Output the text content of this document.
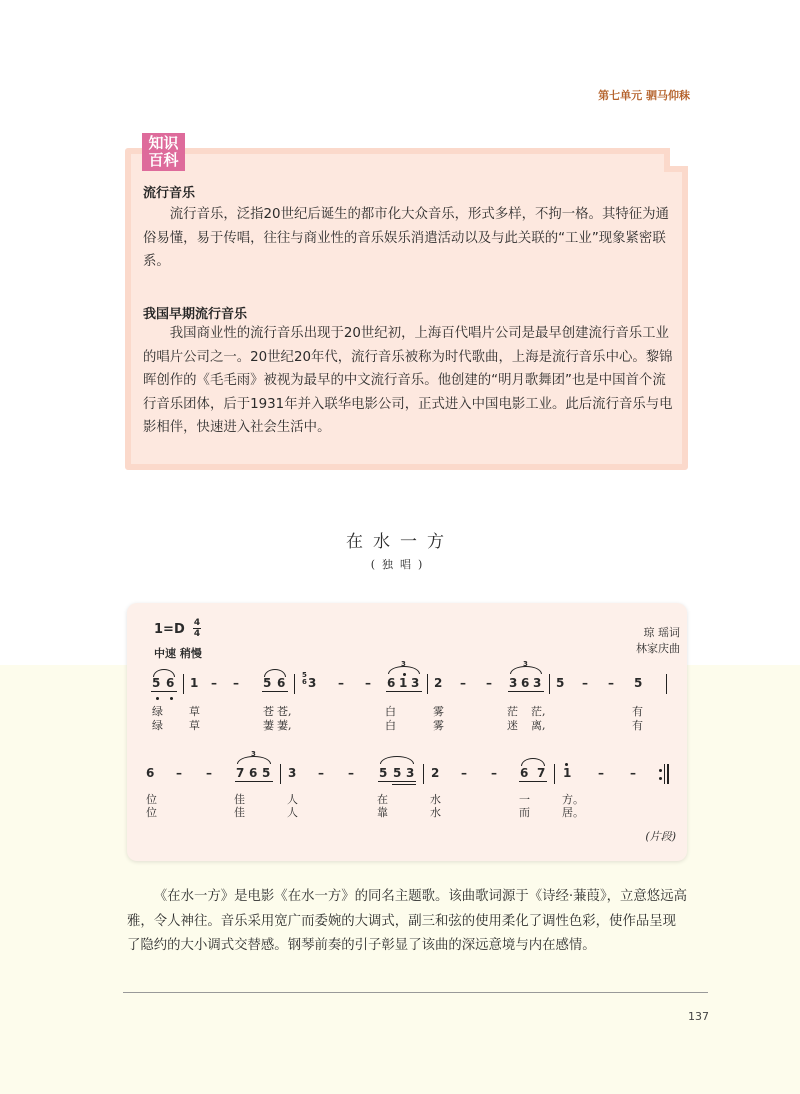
第七单元 驷马仰秣
知识
百科
流行音乐
流行音乐，泛指20世纪后诞生的都市化大众音乐，形式多样，不拘一格。其特征为通俗易懂，易于传唱，往往与商业性的音乐娱乐消遣活动以及与此关联的“工业”现象紧密联系。
我国早期流行音乐
我国商业性的流行音乐出现于20世纪初，上海百代唱片公司是最早创建流行音乐工业的唱片公司之一。20世纪20年代，流行音乐被称为时代歌曲，上海是流行音乐中心。黎锦晖创作的《毛毛雨》被视为最早的中文流行音乐。他创建的“明月歌舞团”也是中国首个流行音乐团体，后于1931年并入联华电影公司，正式进入中国电影工业。此后流行音乐与电影相伴，快速进入社会生活中。
在水一方
(独唱)
1=D 4
4
中速 稍慢
琼 瑶词
林家庆曲
5 6 1 – – 5 6
5
6 3 – – 6 1 3
3
2 – – 3 6 3
3
5 – – 5
绿 草	苍 苍,	白	雾	茫 茫,	有
绿 草	萋 萋,	白	雾	迷 离,	有
6 – – 7 6 5
3
3 – – 5 5 3 2 – – 6 7 1 – –
位	佳	人	在	水	一	方。
位	佳	人	靠	水	而	居。
(片段)
《在水一方》是电影《在水一方》的同名主题歌。该曲歌词源于《诗经·蒹葭》，立意悠远高雅，令人神往。音乐采用宽广而委婉的大调式，副三和弦的使用柔化了调性色彩，使作品呈现了隐约的大小调式交替感。钢琴前奏的引子彰显了该曲的深远意境与内在感情。
137
